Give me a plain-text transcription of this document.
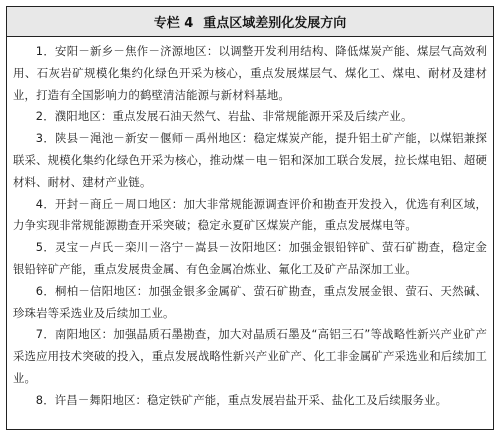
专栏 4 重点区域差别化发展方向

1．安阳－新乡－焦作－济源地区：以调整开发利用结构、降低煤炭产能、煤层气高效利用、石灰岩矿规模化集约化绿色开采为核心，重点发展煤层气、煤化工、煤电、耐材及建材业，打造有全国影响力的鹤壁清洁能源与新材料基地。

2．濮阳地区：重点发展石油天然气、岩盐、非常规能源开采及后续产业。

3．陕县－渑池－新安－偃师－禹州地区：稳定煤炭产能，提升铝土矿产能，以煤铝兼探联采、规模化集约化绿色开采为核心，推动煤－电－铝和深加工联合发展，拉长煤电铝、超硬材料、耐材、建材产业链。

4．开封－商丘－周口地区：加大非常规能源调查评价和勘查开发投入，优选有利区域，力争实现非常规能源勘查开采突破；稳定永夏矿区煤炭产能，重点发展煤电等。

5．灵宝－卢氏－栾川－洛宁－嵩县－汝阳地区：加强金银铅锌矿、萤石矿勘查，稳定金银铅锌矿产能，重点发展贵金属、有色金属冶炼业、氟化工及矿产品深加工业。

6．桐柏－信阳地区：加强金银多金属矿、萤石矿勘查，重点发展金银、萤石、天然碱、珍珠岩等采选业及后续加工业。

7．南阳地区：加强晶质石墨勘查，加大对晶质石墨及“高铝三石”等战略性新兴产业矿产采选应用技术突破的投入，重点发展战略性新兴产业矿产、化工非金属矿产采选业和后续加工业。

8．许昌－舞阳地区：稳定铁矿产能，重点发展岩盐开采、盐化工及后续服务业。
